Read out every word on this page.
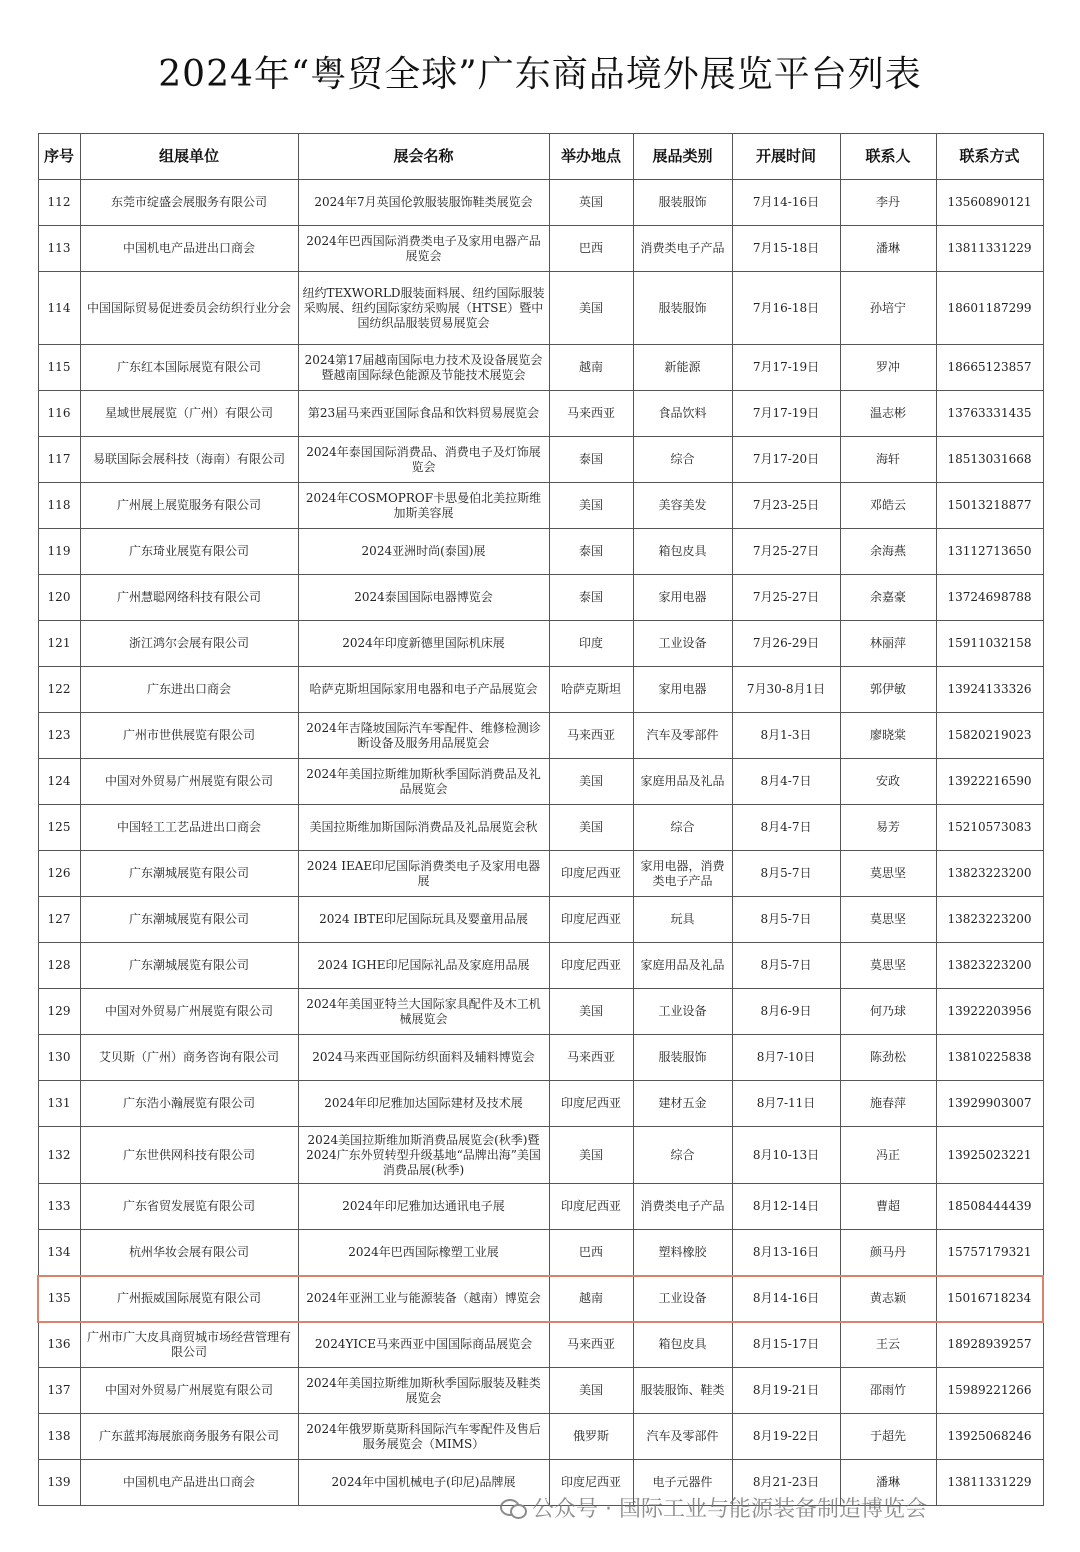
2024年“粤贸全球”广东商品境外展览平台列表
序号	组展单位	展会名称	举办地点	展品类别	开展时间	联系人	联系方式
112	东莞市绽盛会展服务有限公司	2024年7月英国伦敦服装服饰鞋类展览会	英国	服装服饰	7月14-16日	李丹	13560890121
113	中国机电产品进出口商会	2024年巴西国际消费类电子及家用电器产品展览会	巴西	消费类电子产品	7月15-18日	潘琳	13811331229
114	中国国际贸易促进委员会纺织行业分会	纽约TEXWORLD服装面料展、纽约国际服装采购展、纽约国际家纺采购展（HTSE）暨中国纺织品服装贸易展览会	美国	服装服饰	7月16-18日	孙培宁	18601187299
115	广东红本国际展览有限公司	2024第17届越南国际电力技术及设备展览会暨越南国际绿色能源及节能技术展览会	越南	新能源	7月17-19日	罗冲	18665123857
116	星域世展展览（广州）有限公司	第23届马来西亚国际食品和饮料贸易展览会	马来西亚	食品饮料	7月17-19日	温志彬	13763331435
117	易联国际会展科技（海南）有限公司	2024年泰国国际消费品、消费电子及灯饰展览会	泰国	综合	7月17-20日	海轩	18513031668
118	广州展上展览服务有限公司	2024年COSMOPROF卡思曼伯北美拉斯维加斯美容展	美国	美容美发	7月23-25日	邓皓云	15013218877
119	广东琦业展览有限公司	2024亚洲时尚(泰国)展	泰国	箱包皮具	7月25-27日	余海燕	13112713650
120	广州慧聪网络科技有限公司	2024泰国国际电器博览会	泰国	家用电器	7月25-27日	余嘉豪	13724698788
121	浙江鸿尔会展有限公司	2024年印度新德里国际机床展	印度	工业设备	7月26-29日	林丽萍	15911032158
122	广东进出口商会	哈萨克斯坦国际家用电器和电子产品展览会	哈萨克斯坦	家用电器	7月30-8月1日	郭伊敏	13924133326
123	广州市世供展览有限公司	2024年吉隆坡国际汽车零配件、维修检测诊断设备及服务用品展览会	马来西亚	汽车及零部件	8月1-3日	廖晓棠	15820219023
124	中国对外贸易广州展览有限公司	2024年美国拉斯维加斯秋季国际消费品及礼品展览会	美国	家庭用品及礼品	8月4-7日	安政	13922216590
125	中国轻工工艺品进出口商会	美国拉斯维加斯国际消费品及礼品展览会秋	美国	综合	8月4-7日	易芳	15210573083
126	广东潮城展览有限公司	2024 IEAE印尼国际消费类电子及家用电器展	印度尼西亚	家用电器，消费类电子产品	8月5-7日	莫思坚	13823223200
127	广东潮城展览有限公司	2024 IBTE印尼国际玩具及婴童用品展	印度尼西亚	玩具	8月5-7日	莫思坚	13823223200
128	广东潮城展览有限公司	2024 IGHE印尼国际礼品及家庭用品展	印度尼西亚	家庭用品及礼品	8月5-7日	莫思坚	13823223200
129	中国对外贸易广州展览有限公司	2024年美国亚特兰大国际家具配件及木工机械展览会	美国	工业设备	8月6-9日	何乃球	13922203956
130	艾贝斯（广州）商务咨询有限公司	2024马来西亚国际纺织面料及辅料博览会	马来西亚	服装服饰	8月7-10日	陈劲松	13810225838
131	广东浩小瀚展览有限公司	2024年印尼雅加达国际建材及技术展	印度尼西亚	建材五金	8月7-11日	施春萍	13929903007
132	广东世供网科技有限公司	2024美国拉斯维加斯消费品展览会(秋季)暨2024广东外贸转型升级基地“品牌出海”美国消费品展(秋季)	美国	综合	8月10-13日	冯正	13925023221
133	广东省贸发展览有限公司	2024年印尼雅加达通讯电子展	印度尼西亚	消费类电子产品	8月12-14日	曹超	18508444439
134	杭州华妆会展有限公司	2024年巴西国际橡塑工业展	巴西	塑料橡胶	8月13-16日	颜马丹	15757179321
135	广州振威国际展览有限公司	2024年亚洲工业与能源装备（越南）博览会	越南	工业设备	8月14-16日	黄志颖	15016718234
136	广州市广大皮具商贸城市场经营管理有限公司	2024YICE马来西亚中国国际商品展览会	马来西亚	箱包皮具	8月15-17日	王云	18928939257
137	中国对外贸易广州展览有限公司	2024年美国拉斯维加斯秋季国际服装及鞋类展览会	美国	服装服饰、鞋类	8月19-21日	邵雨竹	15989221266
138	广东蓝邦海展旅商务服务有限公司	2024年俄罗斯莫斯科国际汽车零配件及售后服务展览会（MIMS）	俄罗斯	汽车及零部件	8月19-22日	于超先	13925068246
139	中国机电产品进出口商会	2024年中国机械电子(印尼)品牌展	印度尼西亚	电子元器件	8月21-23日	潘琳	13811331229
公众号 · 国际工业与能源装备制造博览会
